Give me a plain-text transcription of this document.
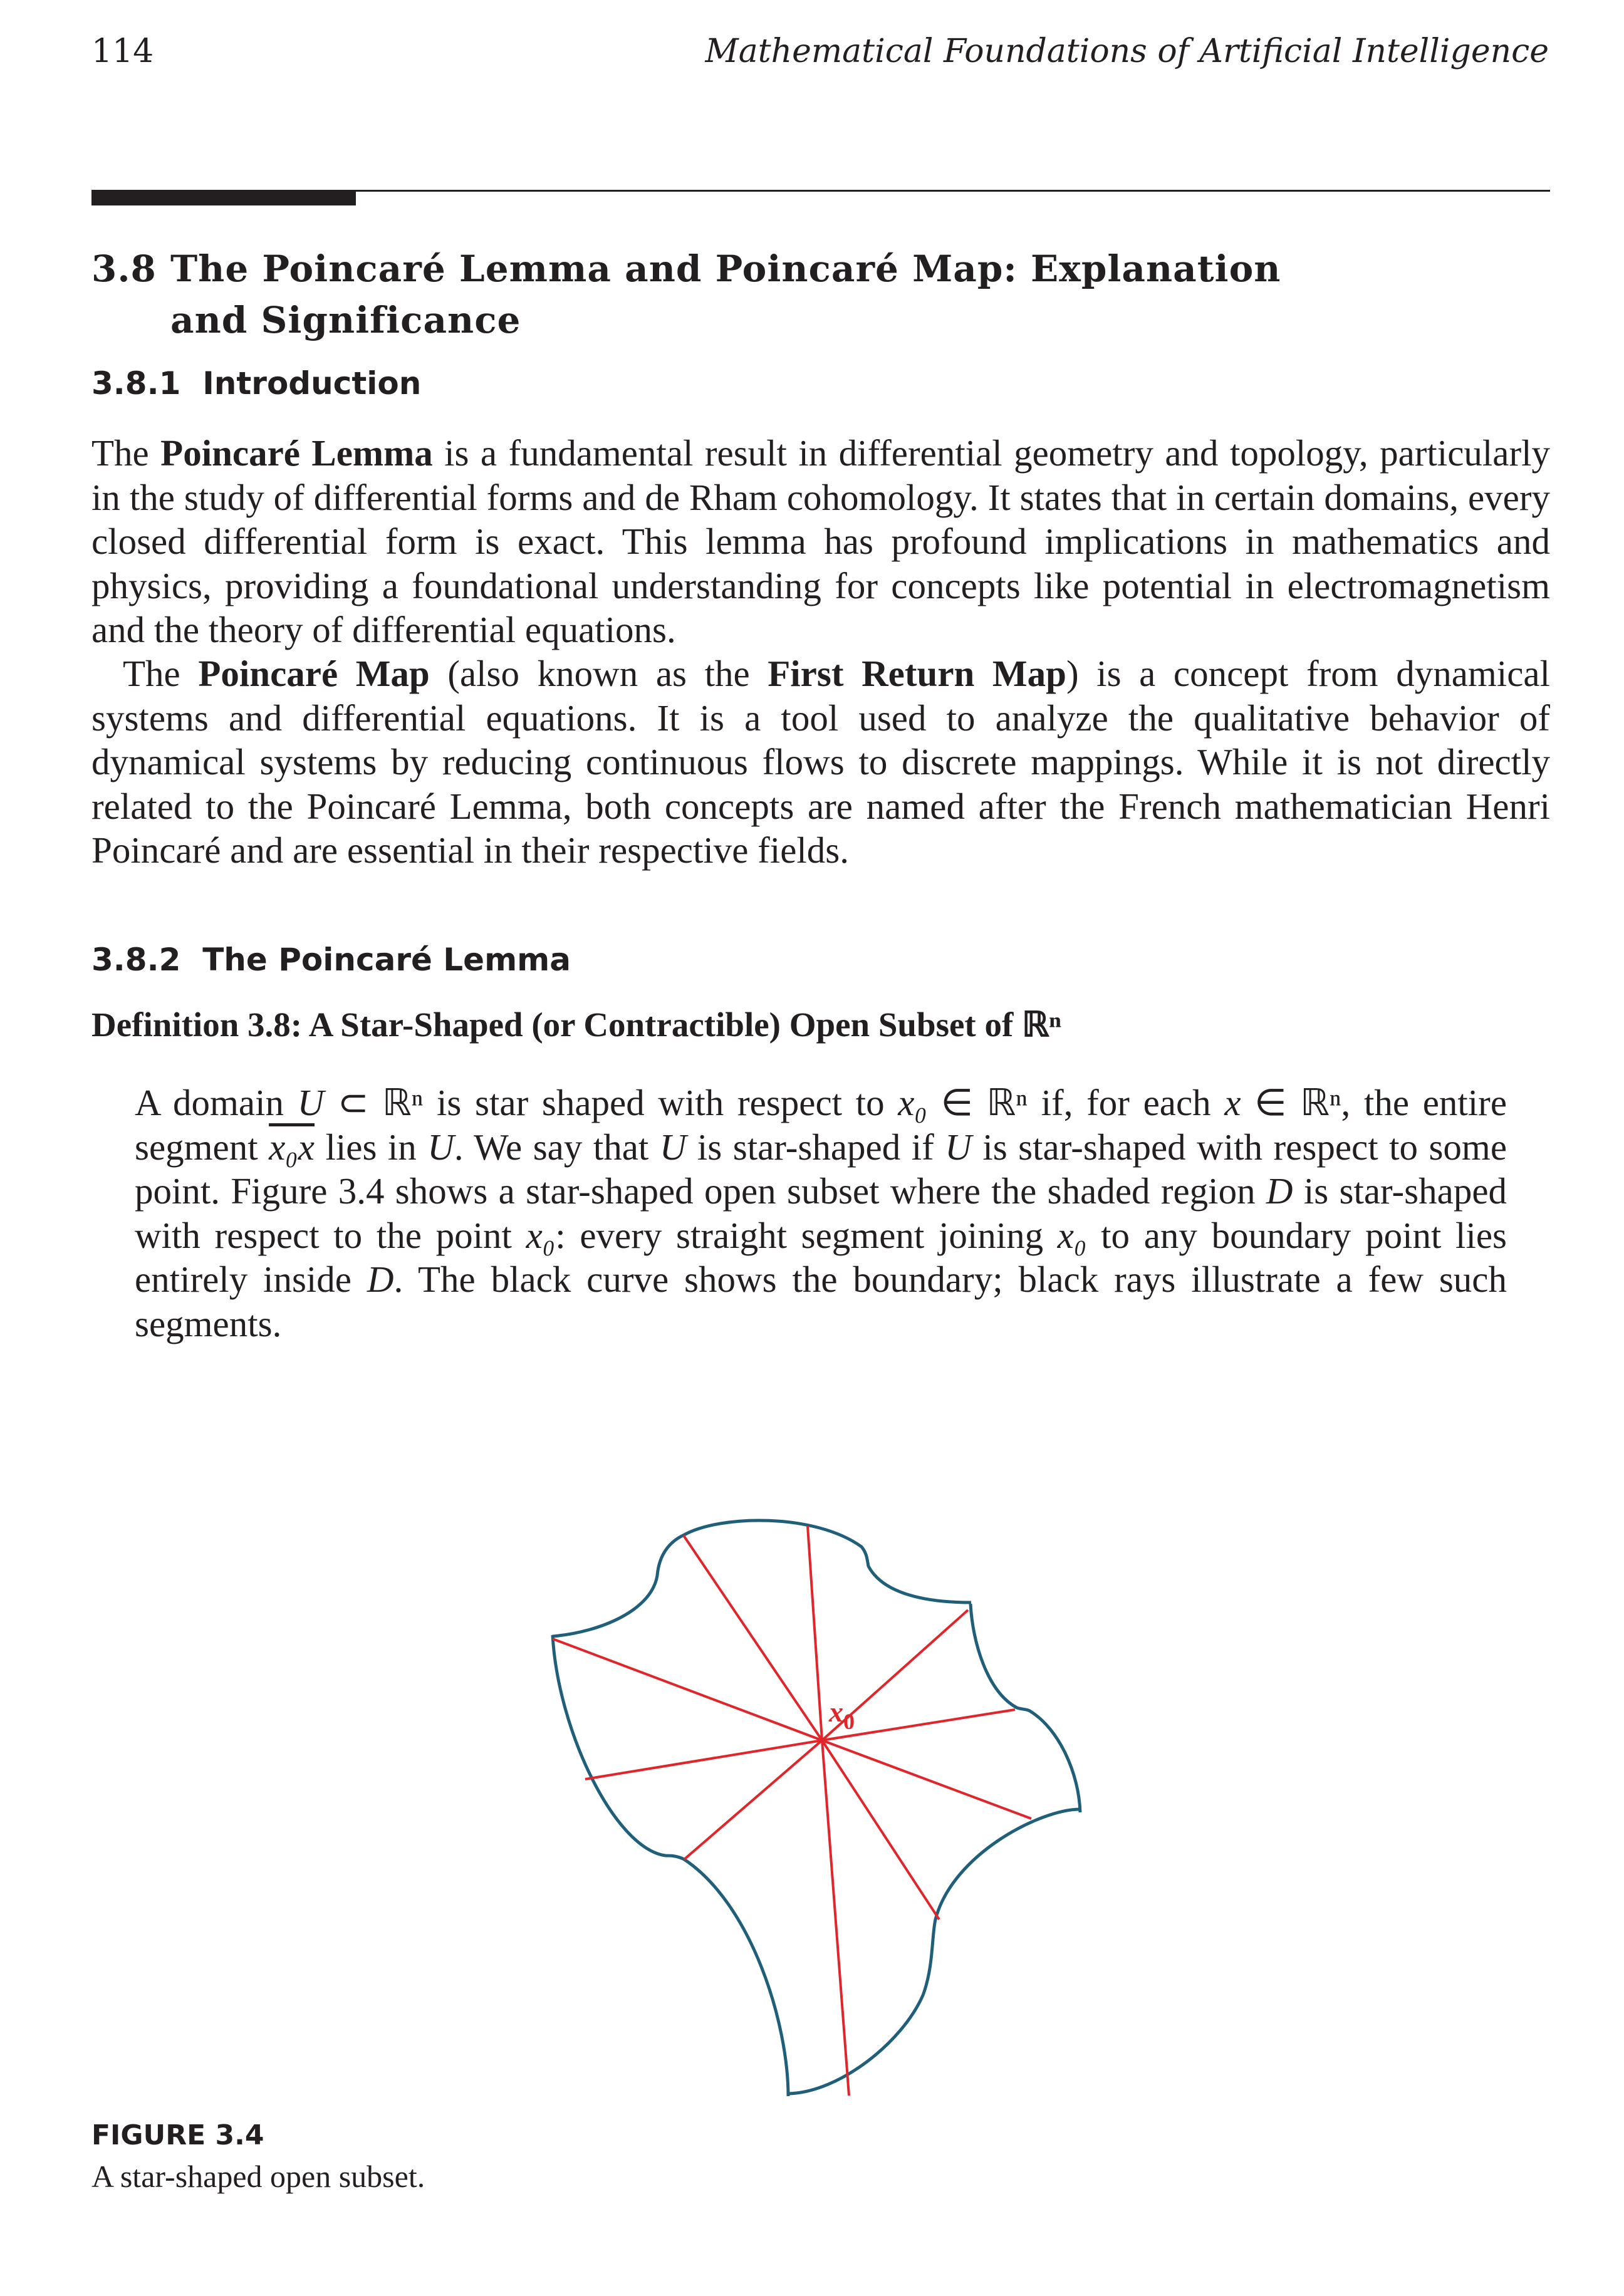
114	Mathematical Foundations of Artificial Intelligence
3.8 The Poincaré Lemma and Poincaré Map: Explanation
and Significance
3.8.1 Introduction
The Poincaré Lemma is a fundamental result in differential geometry and topology, particularly in the study of differential forms and de Rham cohomology. It states that in certain domains, every closed differential form is exact. This lemma has profound implications in mathematics and physics, providing a foundational understanding for concepts like potential in electromagnetism and the theory of differential equations.
The Poincaré Map (also known as the First Return Map) is a concept from dynamical systems and differential equations. It is a tool used to analyze the qualitative behavior of dynamical systems by reducing continuous flows to discrete mappings. While it is not directly related to the Poincaré Lemma, both concepts are named after the French mathematician Henri Poincaré and are essential in their respective fields.
3.8.2 The Poincaré Lemma
Definition 3.8: A Star-Shaped (or Contractible) Open Subset of ℝⁿ
A domain U ⊂ ℝⁿ is star shaped with respect to x₀ ∈ ℝⁿ if, for each x ∈ ℝⁿ, the entire segment x₀x lies in U. We say that U is star-shaped if U is star-shaped with respect to some point. Figure 3.4 shows a star-shaped open subset where the shaded region D is star-shaped with respect to the point x₀: every straight segment joining x₀ to any boundary point lies entirely inside D. The black curve shows the boundary; black rays illustrate a few such segments.
$x_0$
FIGURE 3.4
A star-shaped open subset.
